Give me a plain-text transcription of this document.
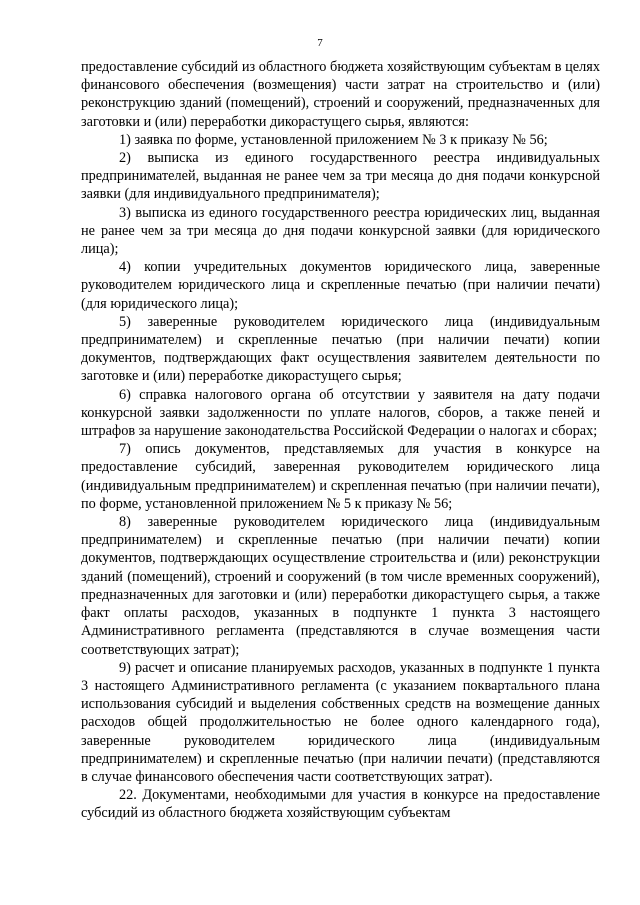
7

предоставление субсидий из областного бюджета хозяйствующим субъектам в целях финансового обеспечения (возмещения) части затрат на строительство и (или) реконструкцию зданий (помещений), строений и сооружений, предназначенных для заготовки и (или) переработки дикорастущего сырья, являются:

1) заявка по форме, установленной приложением № 3 к приказу № 56;

2) выписка из единого государственного реестра индивидуальных предпринимателей, выданная не ранее чем за три месяца до дня подачи конкурсной заявки (для индивидуального предпринимателя);

3) выписка из единого государственного реестра юридических лиц, выданная не ранее чем за три месяца до дня подачи конкурсной заявки (для юридического лица);

4) копии учредительных документов юридического лица, заверенные руководителем юридического лица и скрепленные печатью (при наличии печати) (для юридического лица);

5) заверенные руководителем юридического лица (индивидуальным предпринимателем) и скрепленные печатью (при наличии печати) копии документов, подтверждающих факт осуществления заявителем деятельности по заготовке и (или) переработке дикорастущего сырья;

6) справка налогового органа об отсутствии у заявителя на дату подачи конкурсной заявки задолженности по уплате налогов, сборов, а также пеней и штрафов за нарушение законодательства Российской Федерации о налогах и сборах;

7) опись документов, представляемых для участия в конкурсе на предоставление субсидий, заверенная руководителем юридического лица (индивидуальным предпринимателем) и скрепленная печатью (при наличии печати), по форме, установленной приложением № 5 к приказу № 56;

8) заверенные руководителем юридического лица (индивидуальным предпринимателем) и скрепленные печатью (при наличии печати) копии документов, подтверждающих осуществление строительства и (или) реконструкции зданий (помещений), строений и сооружений (в том числе временных сооружений), предназначенных для заготовки и (или) переработки дикорастущего сырья, а также факт оплаты расходов, указанных в подпункте 1 пункта 3 настоящего Административного регламента (представляются в случае возмещения части соответствующих затрат);

9) расчет и описание планируемых расходов, указанных в подпункте 1 пункта 3 настоящего Административного регламента (с указанием поквартального плана использования субсидий и выделения собственных средств на возмещение данных расходов общей продолжительностью не более одного календарного года), заверенные руководителем юридического лица (индивидуальным предпринимателем) и скрепленные печатью (при наличии печати) (представляются в случае финансового обеспечения части соответствующих затрат).

22. Документами, необходимыми для участия в конкурсе на предоставление субсидий из областного бюджета хозяйствующим субъектам
